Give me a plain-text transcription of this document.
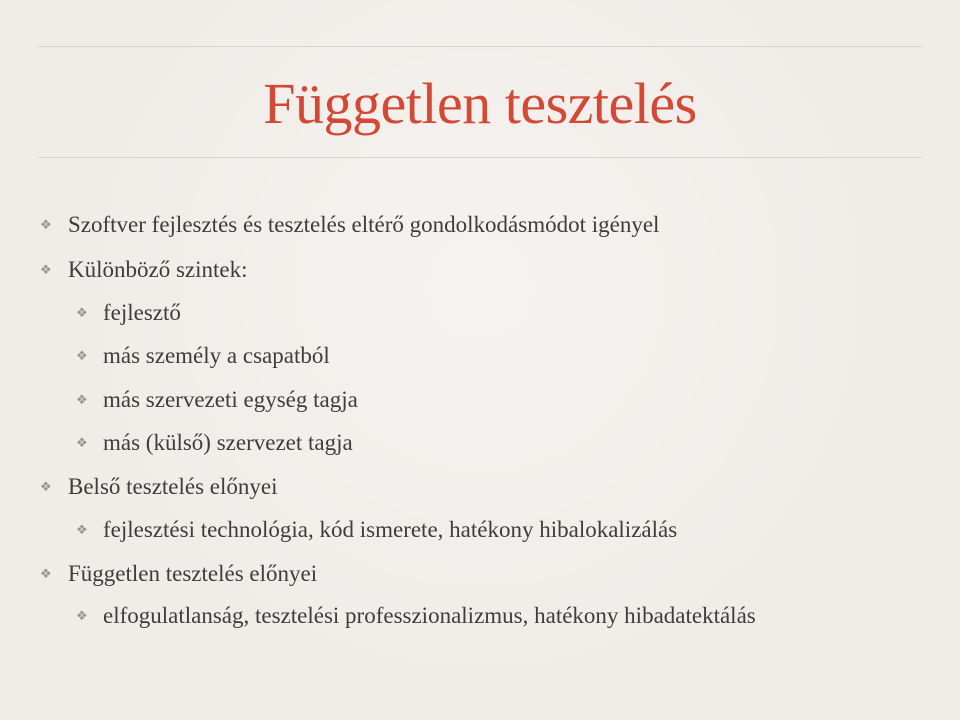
Független tesztelés
❖ Szoftver fejlesztés és tesztelés eltérő gondolkodásmódot igényel
❖ Különböző szintek:
❖ fejlesztő
❖ más személy a csapatból
❖ más szervezeti egység tagja
❖ más (külső) szervezet tagja
❖ Belső tesztelés előnyei
❖ fejlesztési technológia, kód ismerete, hatékony hibalokalizálás
❖ Független tesztelés előnyei
❖ elfogulatlanság, tesztelési professzionalizmus, hatékony hibadatektálás
